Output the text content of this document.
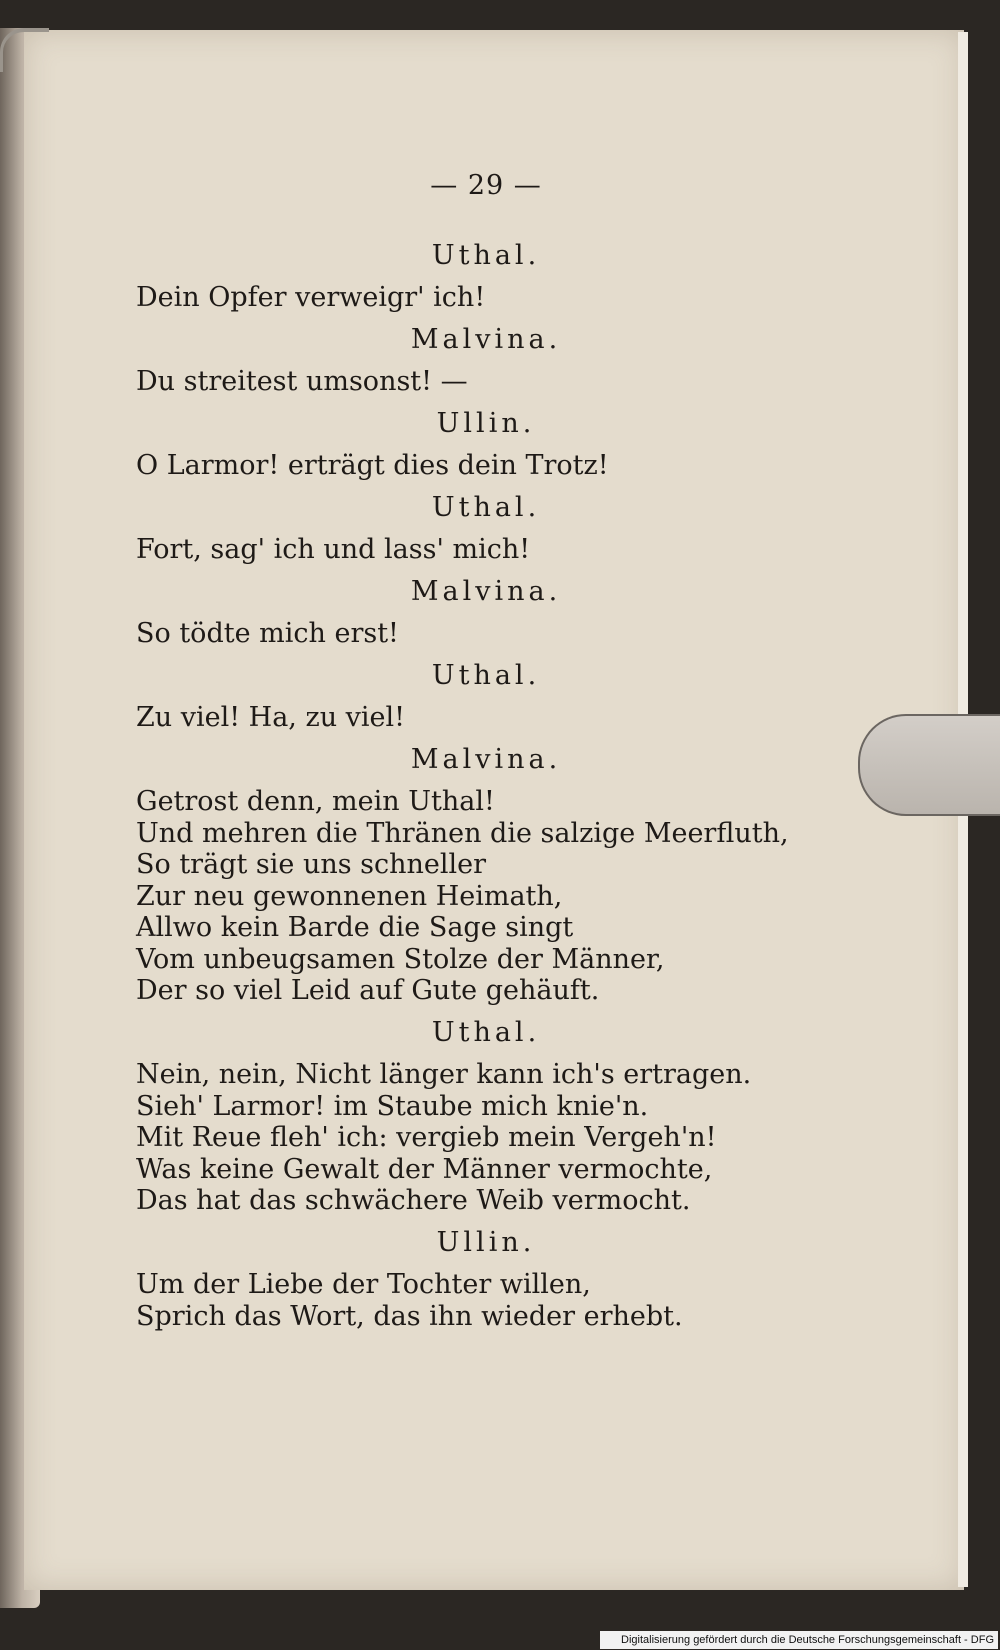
— 29 —
Uthal.
Dein Opfer verweigr' ich!
Malvina.
Du streitest umsonst! —
Ullin.
O Larmor! erträgt dies dein Trotz!
Uthal.
Fort, sag' ich und lass' mich!
Malvina.
So tödte mich erst!
Uthal.
Zu viel! Ha, zu viel!
Malvina.
Getrost denn, mein Uthal!
Und mehren die Thränen die salzige Meerfluth,
So trägt sie uns schneller
Zur neu gewonnenen Heimath,
Allwo kein Barde die Sage singt
Vom unbeugsamen Stolze der Männer,
Der so viel Leid auf Gute gehäuft.
Uthal.
Nein, nein, Nicht länger kann ich's ertragen.
Sieh' Larmor! im Staube mich knie'n.
Mit Reue fleh' ich: vergieb mein Vergeh'n!
Was keine Gewalt der Männer vermochte,
Das hat das schwächere Weib vermocht.
Ullin.
Um der Liebe der Tochter willen,
Sprich das Wort, das ihn wieder erhebt.
Digitalisierung gefördert durch die Deutsche Forschungsgemeinschaft - DFG
